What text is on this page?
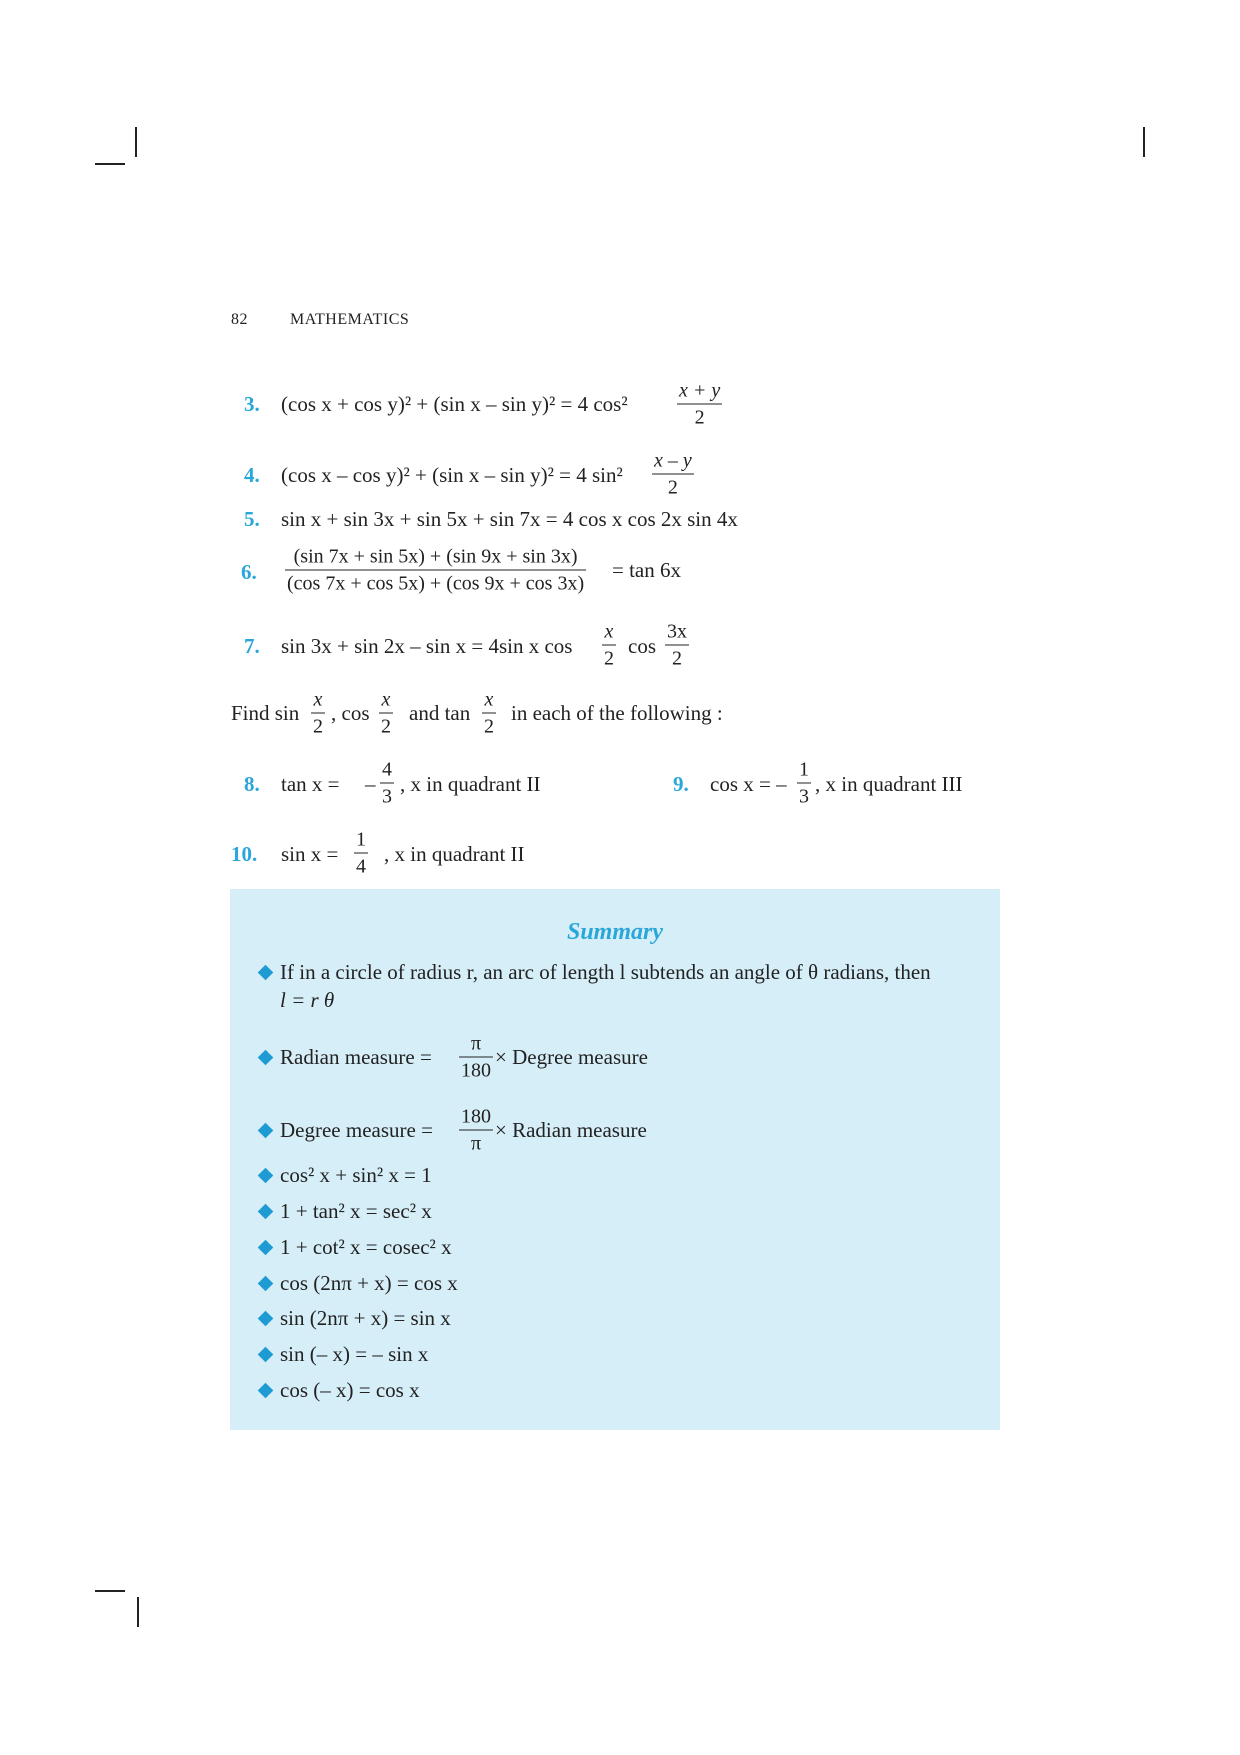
82	MATHEMATICS
3. (cos x + cos y)² + (sin x – sin y)² = 4 cos²
x + y
2
4. (cos x – cos y)² + (sin x – sin y)² = 4 sin²
x – y
2
5. sin x + sin 3x + sin 5x + sin 7x = 4 cos x cos 2x sin 4x
6.
(sin 7x + sin 5x) + (sin 9x + sin 3x)
(cos 7x + cos 5x) + (cos 9x + cos 3x)
= tan 6x
7. sin 3x + sin 2x – sin x = 4sin x cos
x
2
cos
3x
2
Find sin
x
2
, cos
x
2
and tan
x
2
in each of the following :
8. tan x = –
4
3
, x in quadrant II	9. cos x = –
1
3
, x in quadrant III
10. sin x =
1
4
, x in quadrant II
Summary
If in a circle of radius r, an arc of length l subtends an angle of θ radians, then
l = r θ
Radian measure =
π
180
× Degree measure
Degree measure =
180
π
× Radian measure
cos² x + sin² x = 1
1 + tan² x = sec² x
1 + cot² x = cosec² x
cos (2nπ + x) = cos x
sin (2nπ + x) = sin x
sin (– x) = – sin x
cos (– x) = cos x
